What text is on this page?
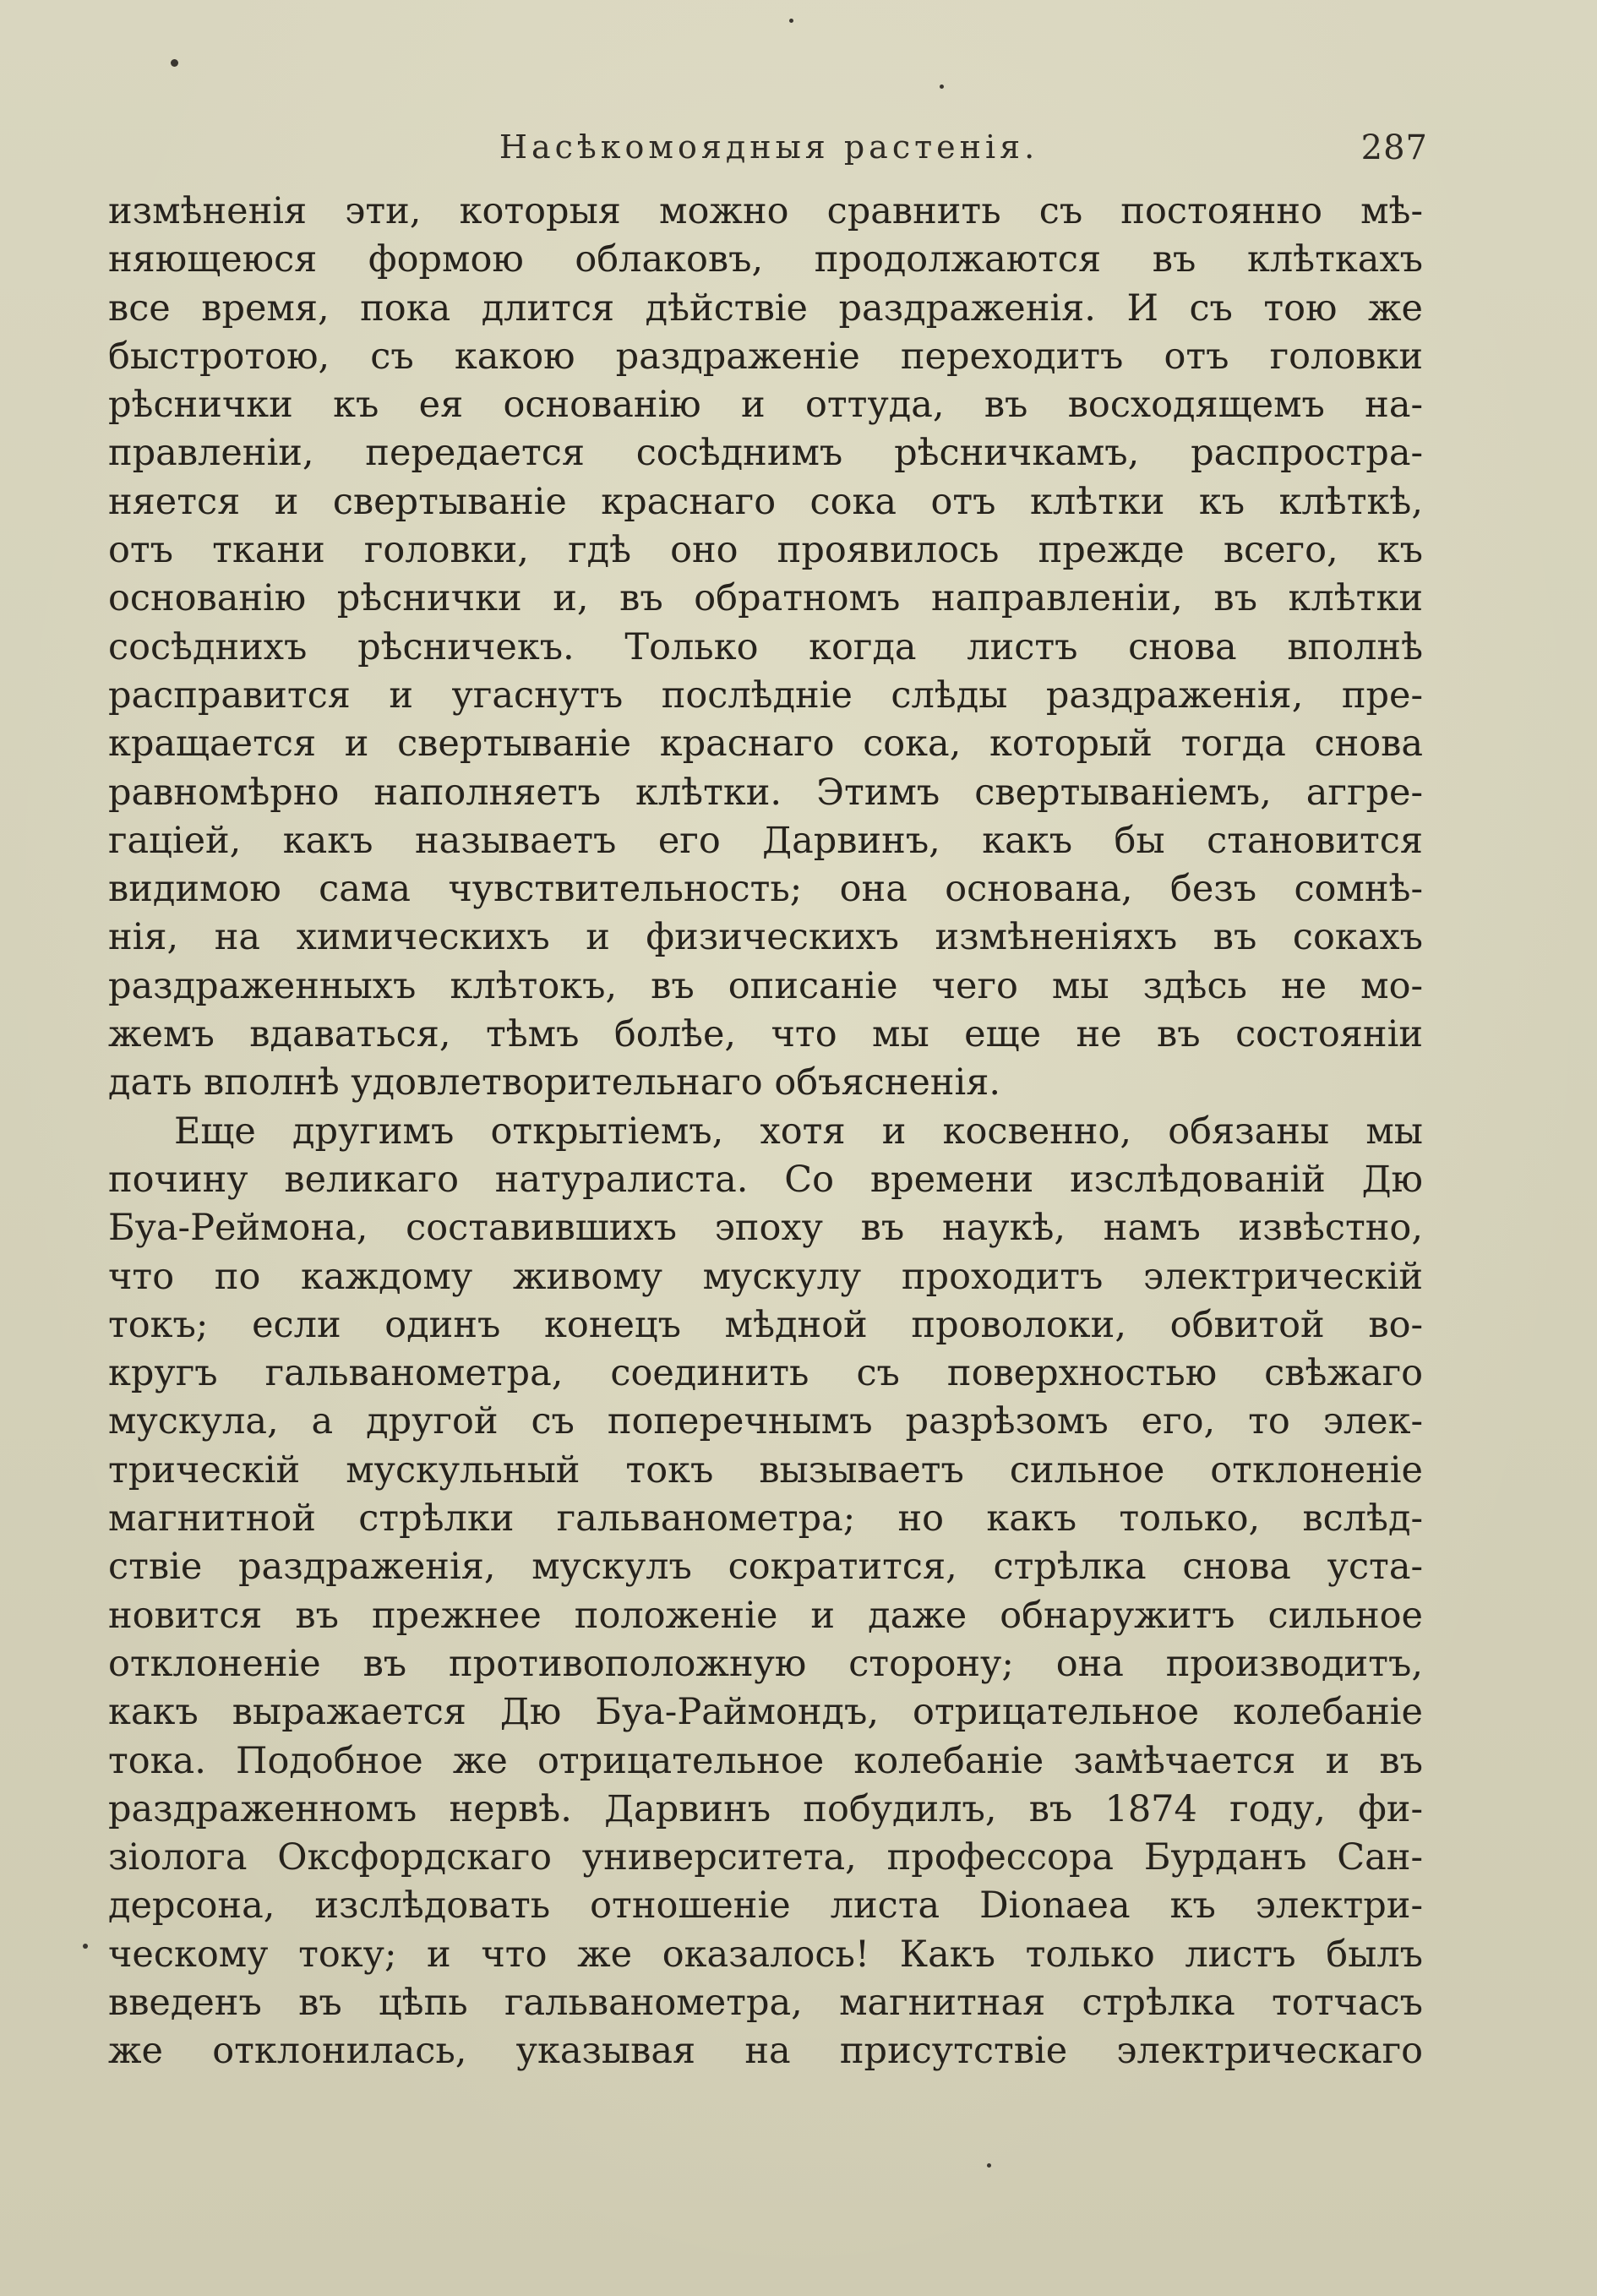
Насѣкомоядныя растенія.	287
измѣненія эти, которыя можно сравнить съ постоянно мѣ-
няющеюся формою облаковъ, продолжаются въ клѣткахъ
все время, пока длится дѣйствіе раздраженія. И съ тою же
быстротою, съ какою раздраженіе переходитъ отъ головки
рѣснички къ ея основанію и оттуда, въ восходящемъ на-
правленіи, передается сосѣднимъ рѣсничкамъ, распростра-
няется и свертываніе краснаго сока отъ клѣтки къ клѣткѣ,
отъ ткани головки, гдѣ оно проявилось прежде всего, къ
основанію рѣснички и, въ обратномъ направленіи, въ клѣтки
сосѣднихъ рѣсничекъ. Только когда листъ снова вполнѣ
расправится и угаснутъ послѣдніе слѣды раздраженія, пре-
кращается и свертываніе краснаго сока, который тогда снова
равномѣрно наполняетъ клѣтки. Этимъ свертываніемъ, аггре-
гаціей, какъ называетъ его Дарвинъ, какъ бы становится
видимою сама чувствительность; она основана, безъ сомнѣ-
нія, на химическихъ и физическихъ измѣненіяхъ въ сокахъ
раздраженныхъ клѣтокъ, въ описаніе чего мы здѣсь не мо-
жемъ вдаваться, тѣмъ болѣе, что мы еще не въ состояніи
дать вполнѣ удовлетворительнаго объясненія.
Еще другимъ открытіемъ, хотя и косвенно, обязаны мы
почину великаго натуралиста. Со времени изслѣдованій Дю
Буа-Реймона, составившихъ эпоху въ наукѣ, намъ извѣстно,
что по каждому живому мускулу проходитъ электрическій
токъ; если одинъ конецъ мѣдной проволоки, обвитой во-
кругъ гальванометра, соединить съ поверхностью свѣжаго
мускула, а другой съ поперечнымъ разрѣзомъ его, то элек-
трическій мускульный токъ вызываетъ сильное отклоненіе
магнитной стрѣлки гальванометра; но какъ только, вслѣд-
ствіе раздраженія, мускулъ сократится, стрѣлка снова уста-
новится въ прежнее положеніе и даже обнаружитъ сильное
отклоненіе въ противоположную сторону; она производитъ,
какъ выражается Дю Буа-Раймондъ, отрицательное колебаніе
тока. Подобное же отрицательное колебаніе замѣчается и въ
раздраженномъ нервѣ. Дарвинъ побудилъ, въ 1874 году, фи-
зіолога Оксфордскаго университета, профессора Бурданъ Сан-
дерсона, изслѣдовать отношеніе листа Dionaea къ электри-
ческому току; и что же оказалось! Какъ только листъ былъ
введенъ въ цѣпь гальванометра, магнитная стрѣлка тотчасъ
же отклонилась, указывая на присутствіе электрическаго
